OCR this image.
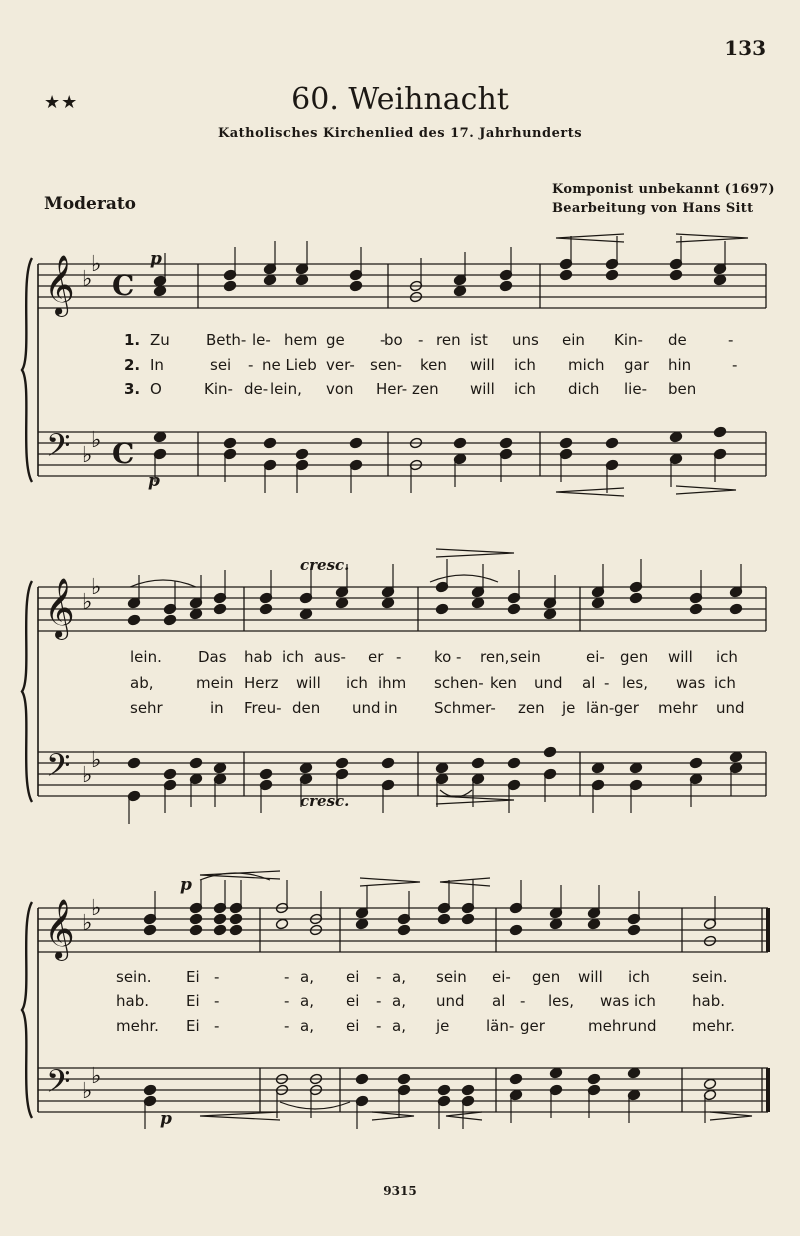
133
★★	60. Weihnacht
Katholisches Kirchenlied des 17. Jahrhunderts
Moderato
Komponist unbekannt (1697)
Bearbeitung von Hans Sitt
𝄞
𝄢
♭
♭
♭
♭
C
C
p
p
1. Zu Beth- le- hem ge -
bo - ren ist uns ein Kin- de	-
2. In	sei - ne Lieb ver- sen- ken will ich mich gar hin	-
3. O	Kin- de- lein, von Her- zen will ich dich lie- ben
𝄞
𝄢
♭
♭
♭
♭
cresc.
cresc.
lein. Das hab ich aus- er - ko - ren, sein	ei- gen will ich
ab,	mein Herz will ich ihm schen- ken und al - les, was ich
sehr	in Freu- den und in Schmer- zen je län- ger mehr und
𝄞
𝄢
♭
♭
♭
♭
p
p
sein. Ei -	- a, ei - a, sein ei- gen will ich	sein.
hab. Ei -	- a, ei - a, und al - les, was ich hab.
mehr. Ei -	- a, ei - a, je län- ger	mehr und mehr.
9315
